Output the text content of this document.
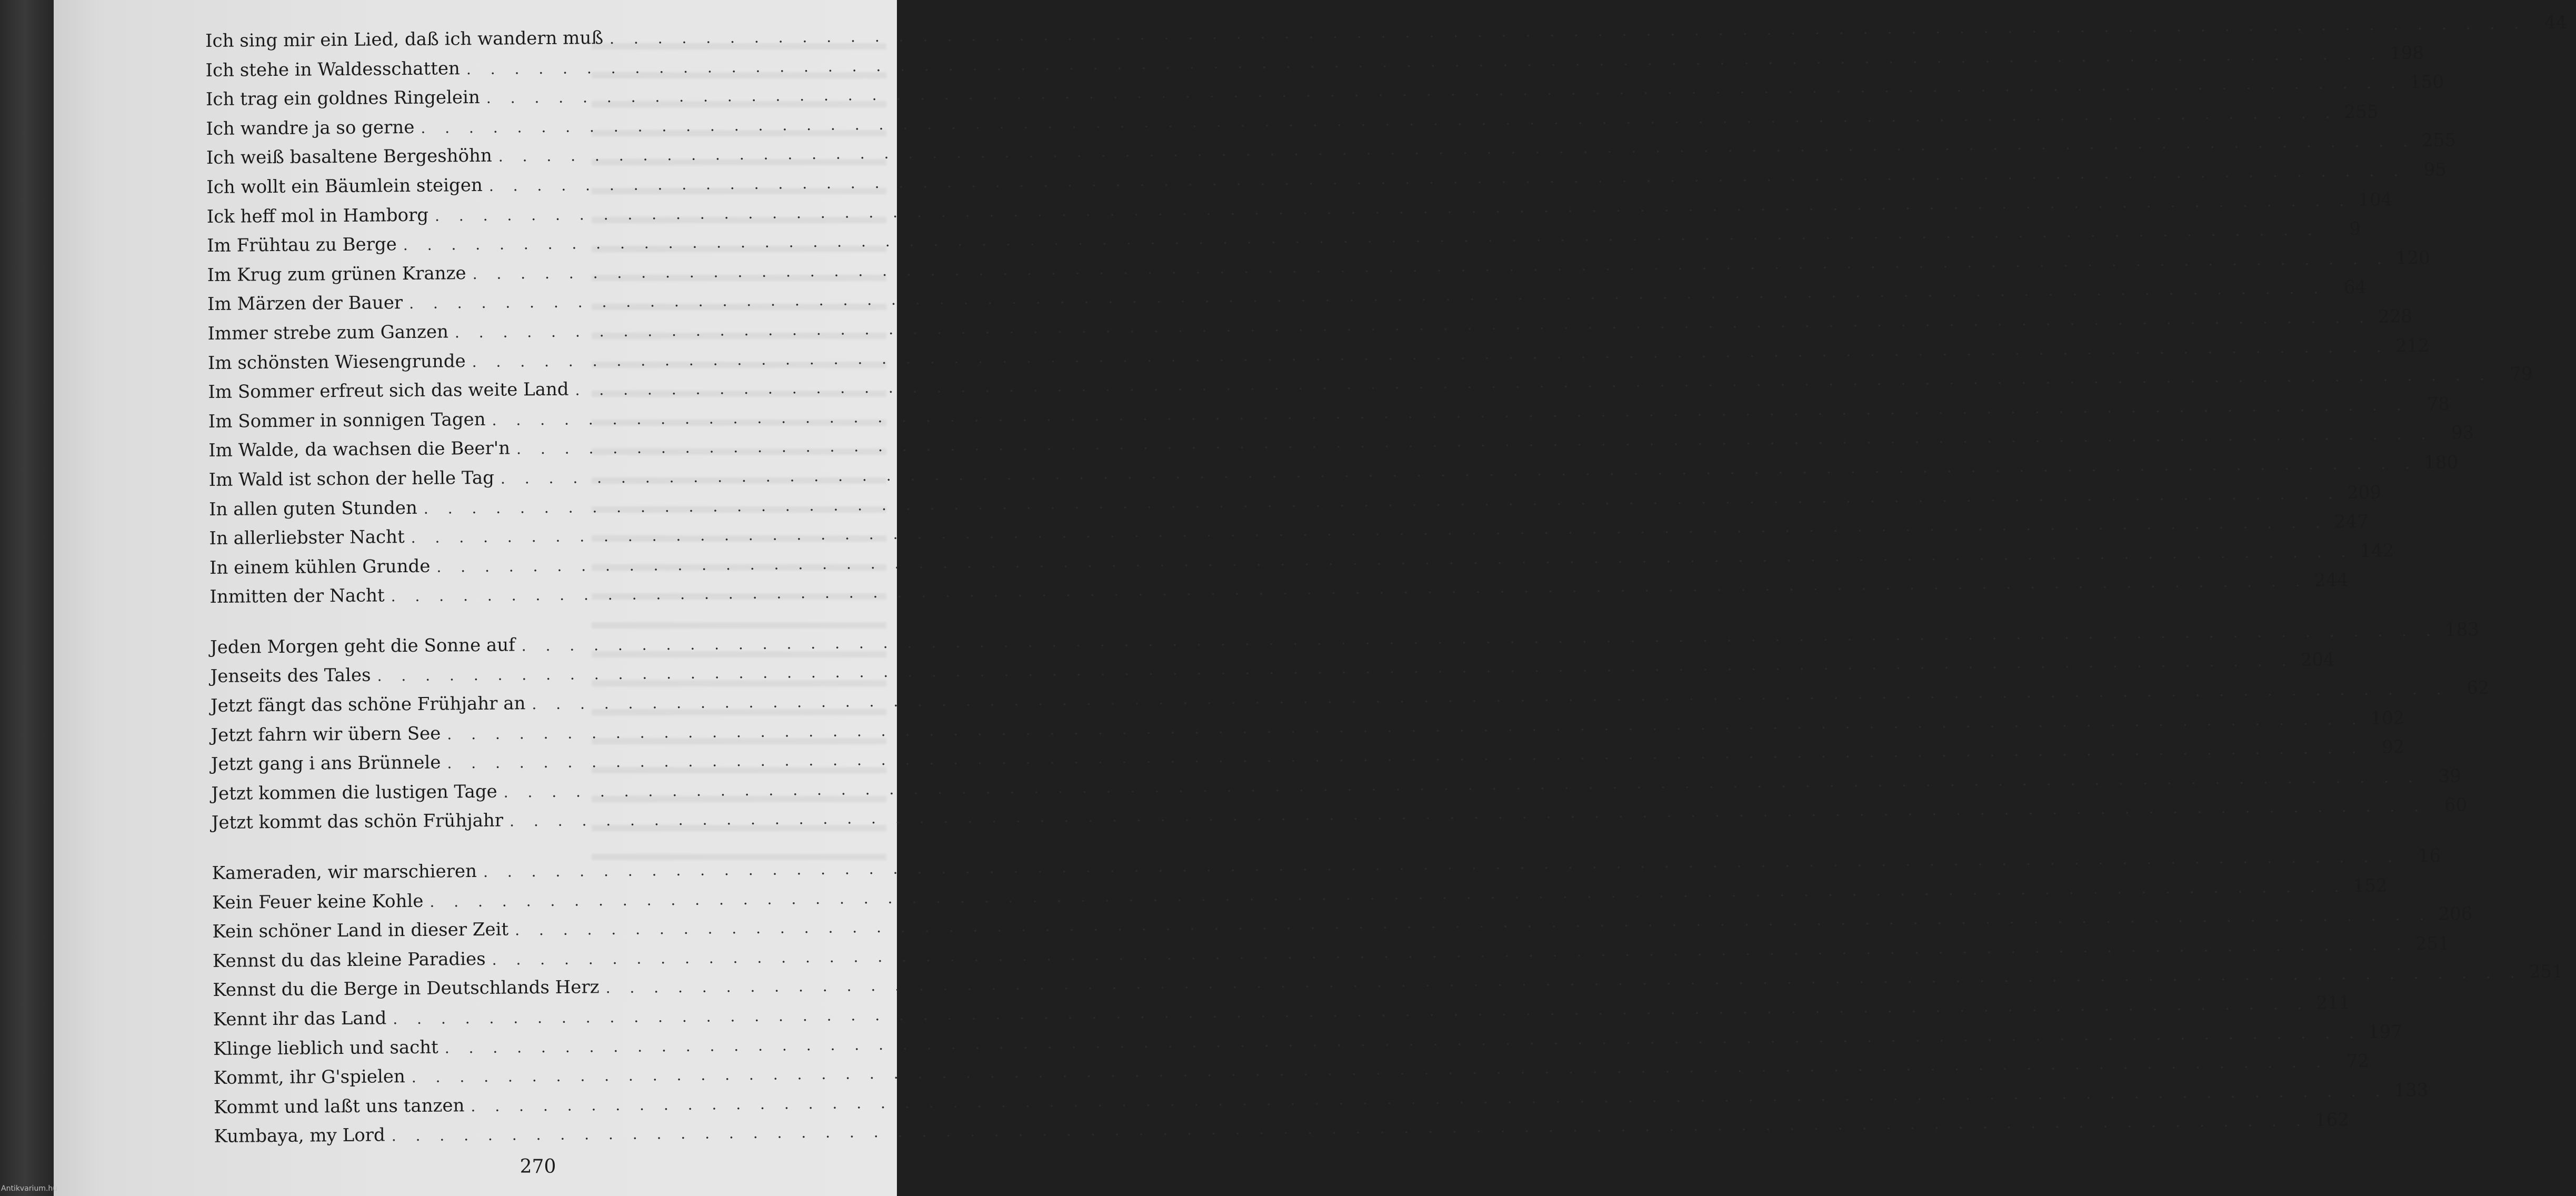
Ich sing mir ein Lied, daß ich wandern muß
. . .
44
Ich stehe in Waldesschatten
. . .
198
Ich trag ein goldnes Ringelein
. . .
150
Ich wandre ja so gerne
. . .
255
Ich weiß basaltene Bergeshöhn
. . .
255
Ich wollt ein Bäumlein steigen
. . .
95
Ick heff mol in Hamborg
. . .
104
Im Frühtau zu Berge
. . .
9
Im Krug zum grünen Kranze
. . .
120
Im Märzen der Bauer
. . .
64
Immer strebe zum Ganzen
. . .
228
Im schönsten Wiesengrunde
. . .
212
Im Sommer erfreut sich das weite Land
. . .
79
Im Sommer in sonnigen Tagen
. . .
78
Im Walde, da wachsen die Beer'n
. . .
93
Im Wald ist schon der helle Tag
. . .
180
In allen guten Stunden
. . .
209
In allerliebster Nacht
. . .
247
In einem kühlen Grunde
. . .
142
Inmitten der Nacht
. . .
244
Jeden Morgen geht die Sonne auf
. . .
183
Jenseits des Tales
. . .
204
Jetzt fängt das schöne Frühjahr an
. . .
62
Jetzt fahrn wir übern See
. . .
102
Jetzt gang i ans Brünnele
. . .
92
Jetzt kommen die lustigen Tage
. . .
39
Jetzt kommt das schön Frühjahr
. . .
60
Kameraden, wir marschieren
. . .
16
Kein Feuer keine Kohle
. . .
152
Kein schöner Land in dieser Zeit
. . .
206
Kennst du das kleine Paradies
. . .
251
Kennst du die Berge in Deutschlands Herz
. . .
251
Kennt ihr das Land
. . .
211
Klinge lieblich und sacht
. . .
197
Kommt, ihr G'spielen
. . .
72
Kommt und laßt uns tanzen
. . .
133
Kumbaya, my Lord
. . .
162
270
Antikvarium.hu
